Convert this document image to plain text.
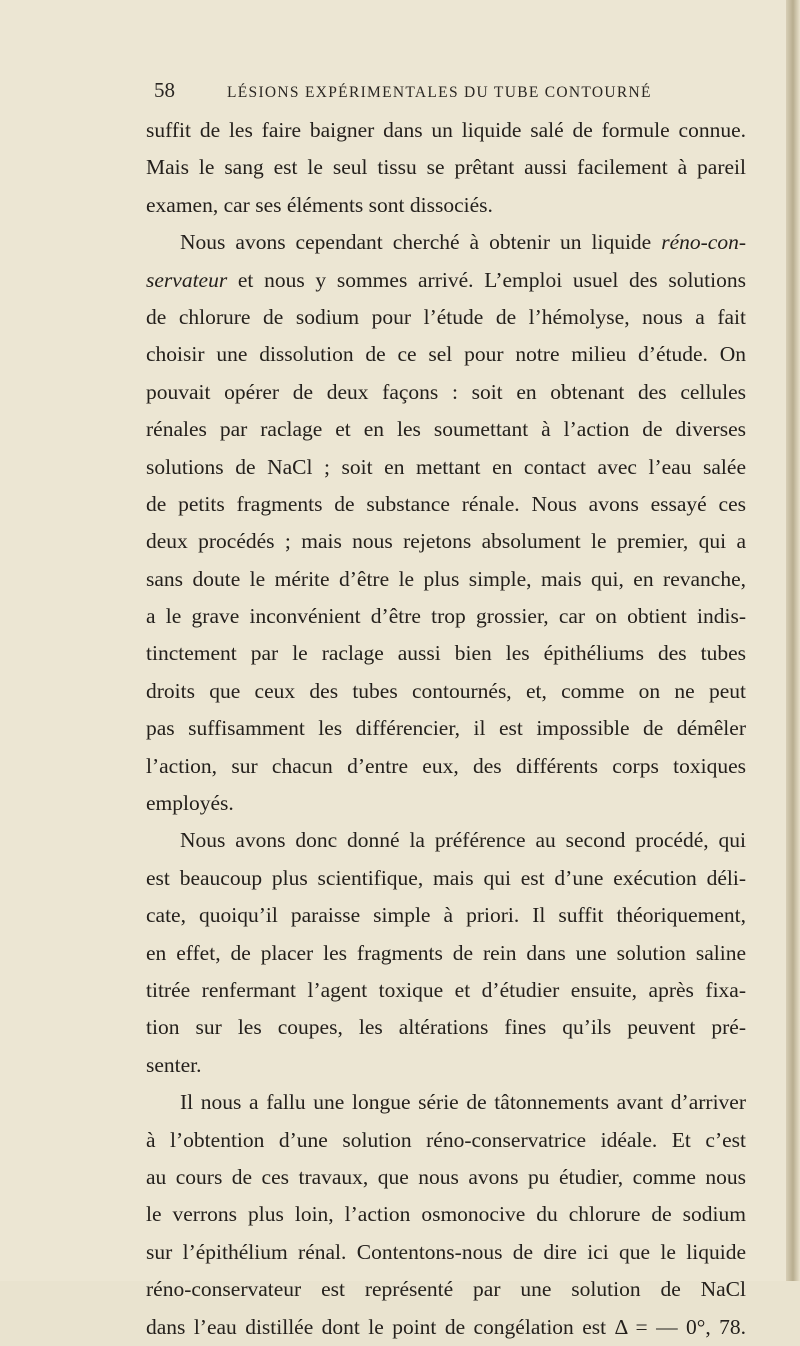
58	LÉSIONS EXPÉRIMENTALES DU TUBE CONTOURNÉ
suffit de les faire baigner dans un liquide salé de formule connue.
Mais le sang est le seul tissu se prêtant aussi facilement à pareil
examen, car ses éléments sont dissociés.
Nous avons cependant cherché à obtenir un liquide réno-con-
servateur et nous y sommes arrivé. L’emploi usuel des solutions
de chlorure de sodium pour l’étude de l’hémolyse, nous a fait
choisir une dissolution de ce sel pour notre milieu d’étude. On
pouvait opérer de deux façons : soit en obtenant des cellules
rénales par raclage et en les soumettant à l’action de diverses
solutions de NaCl ; soit en mettant en contact avec l’eau salée
de petits fragments de substance rénale. Nous avons essayé ces
deux procédés ; mais nous rejetons absolument le premier, qui a
sans doute le mérite d’être le plus simple, mais qui, en revanche,
a le grave inconvénient d’être trop grossier, car on obtient indis-
tinctement par le raclage aussi bien les épithéliums des tubes
droits que ceux des tubes contournés, et, comme on ne peut
pas suffisamment les différencier, il est impossible de démêler
l’action, sur chacun d’entre eux, des différents corps toxiques
employés.
Nous avons donc donné la préférence au second procédé, qui
est beaucoup plus scientifique, mais qui est d’une exécution déli-
cate, quoiqu’il paraisse simple à priori. Il suffit théoriquement,
en effet, de placer les fragments de rein dans une solution saline
titrée renfermant l’agent toxique et d’étudier ensuite, après fixa-
tion sur les coupes, les altérations fines qu’ils peuvent pré-
senter.
Il nous a fallu une longue série de tâtonnements avant d’arriver
à l’obtention d’une solution réno-conservatrice idéale. Et c’est
au cours de ces travaux, que nous avons pu étudier, comme nous
le verrons plus loin, l’action osmonocive du chlorure de sodium
sur l’épithélium rénal. Contentons-nous de dire ici que le liquide
réno-conservateur est représenté par une solution de NaCl
dans l’eau distillée dont le point de congélation est Δ = — 0°, 78.
